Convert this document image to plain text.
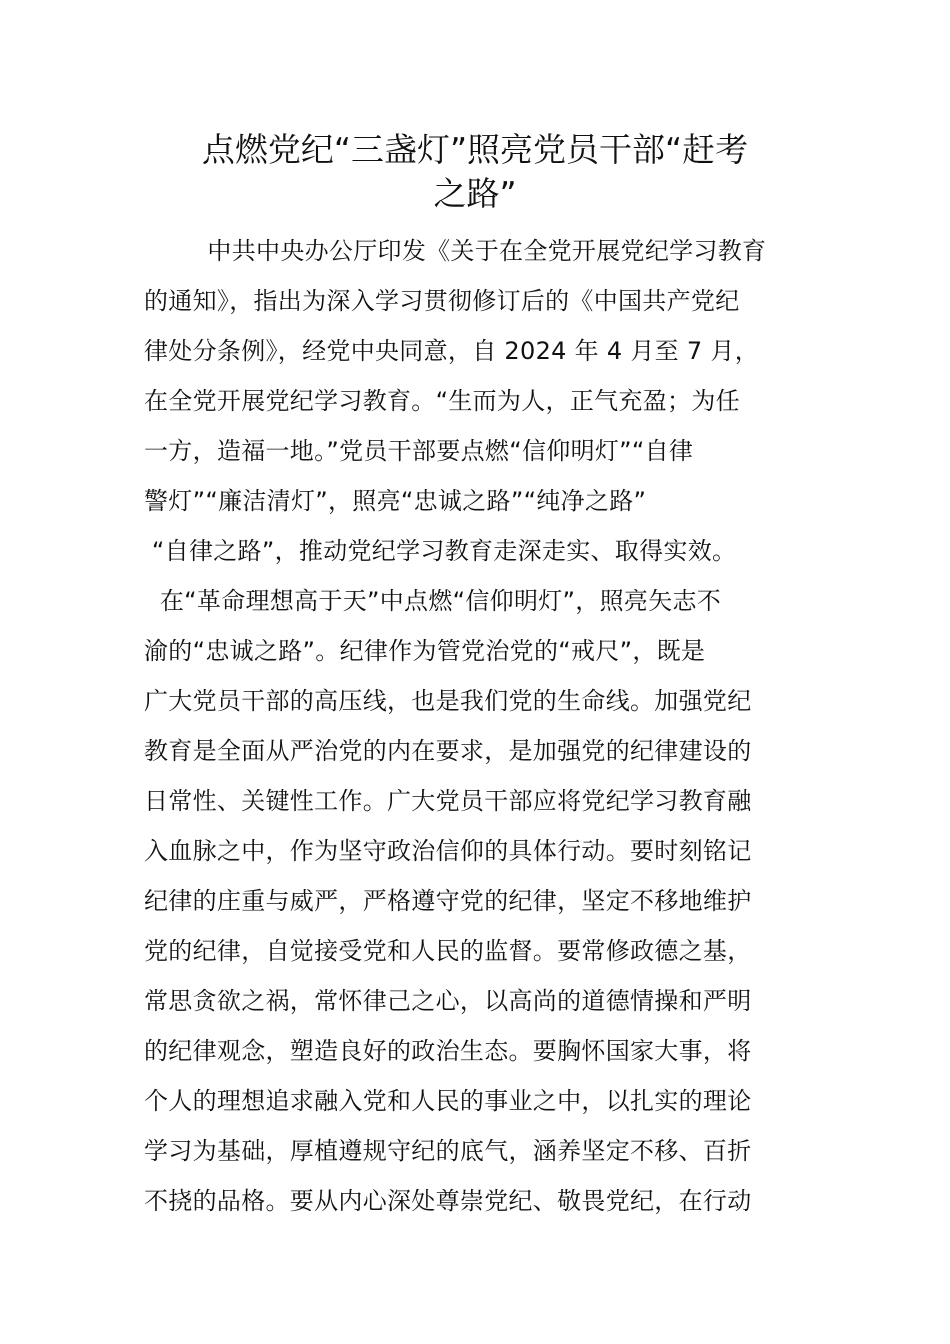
点燃党纪“三盏灯”照亮党员干部“赶考
之路”
中共中央办公厅印发《关于在全党开展党纪学习教育
的通知》，指出为深入学习贯彻修订后的《中国共产党纪
律处分条例》，经党中央同意，自 2024 年 4 月至 7 月，
在全党开展党纪学习教育。“生而为人，正气充盈；为任
一方，造福一地。”党员干部要点燃“信仰明灯”“自律
警灯”“廉洁清灯”，照亮“忠诚之路”“纯净之路”
“自律之路”，推动党纪学习教育走深走实、取得实效。
在“革命理想高于天”中点燃“信仰明灯”，照亮矢志不
渝的“忠诚之路”。纪律作为管党治党的“戒尺”，既是
广大党员干部的高压线，也是我们党的生命线。加强党纪
教育是全面从严治党的内在要求，是加强党的纪律建设的
日常性、关键性工作。广大党员干部应将党纪学习教育融
入血脉之中，作为坚守政治信仰的具体行动。要时刻铭记
纪律的庄重与威严，严格遵守党的纪律，坚定不移地维护
党的纪律，自觉接受党和人民的监督。要常修政德之基，
常思贪欲之祸，常怀律己之心，以高尚的道德情操和严明
的纪律观念，塑造良好的政治生态。要胸怀国家大事，将
个人的理想追求融入党和人民的事业之中，以扎实的理论
学习为基础，厚植遵规守纪的底气，涵养坚定不移、百折
不挠的品格。要从内心深处尊崇党纪、敬畏党纪，在行动
